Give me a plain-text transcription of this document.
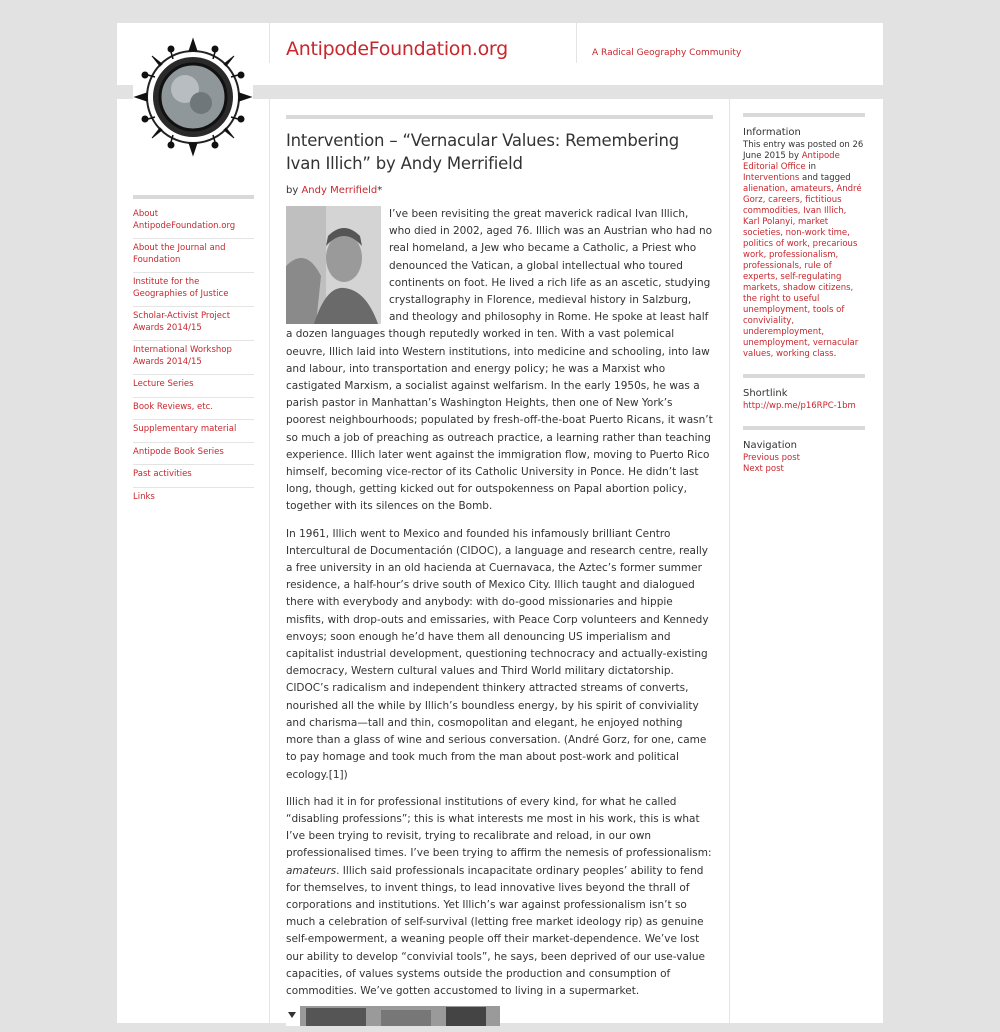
AntipodeFoundation.org	A Radical Geography Community
About AntipodeFoundation.org
About the Journal and Foundation
Institute for the Geographies of Justice
Scholar-Activist Project Awards 2014/15
International Workshop Awards 2014/15
Lecture Series
Book Reviews, etc.
Supplementary material
Antipode Book Series
Past activities
Links
Intervention – “Vernacular Values: Remembering Ivan Illich” by Andy Merrifield
by Andy Merrifield*

I’ve been revisiting the great maverick radical Ivan Illich, who died in 2002, aged 76. Illich was an Austrian who had no real homeland, a Jew who became a Catholic, a Priest who denounced the Vatican, a global intellectual who toured continents on foot. He lived a rich life as an ascetic, studying crystallography in Florence, medieval history in Salzburg, and theology and philosophy in Rome. He spoke at least half a dozen languages though reputedly worked in ten. With a vast polemical oeuvre, Illich laid into Western institutions, into medicine and schooling, into law and labour, into transportation and energy policy; he was a Marxist who castigated Marxism, a socialist against welfarism. In the early 1950s, he was a parish pastor in Manhattan’s Washington Heights, then one of New York’s poorest neighbourhoods; populated by fresh-off-the-boat Puerto Ricans, it wasn’t so much a job of preaching as outreach practice, a learning rather than teaching experience. Illich later went against the immigration flow, moving to Puerto Rico himself, becoming vice-rector of its Catholic University in Ponce. He didn’t last long, though, getting kicked out for outspokenness on Papal abortion policy, together with its silences on the Bomb.

In 1961, Illich went to Mexico and founded his infamously brilliant Centro Intercultural de Documentación (CIDOC), a language and research centre, really a free university in an old hacienda at Cuernavaca, the Aztec’s former summer residence, a half-hour’s drive south of Mexico City. Illich taught and dialogued there with everybody and anybody: with do-good missionaries and hippie misfits, with drop-outs and emissaries, with Peace Corp volunteers and Kennedy envoys; soon enough he’d have them all denouncing US imperialism and capitalist industrial development, questioning technocracy and actually-existing democracy, Western cultural values and Third World military dictatorship. CIDOC’s radicalism and independent thinkery attracted streams of converts, nourished all the while by Illich’s boundless energy, by his spirit of conviviality and charisma—tall and thin, cosmopolitan and elegant, he enjoyed nothing more than a glass of wine and serious conversation. (André Gorz, for one, came to pay homage and took much from the man about post-work and political ecology.[1])

Illich had it in for professional institutions of every kind, for what he called “disabling professions”; this is what interests me most in his work, this is what I’ve been trying to revisit, trying to recalibrate and reload, in our own professionalised times. I’ve been trying to affirm the nemesis of professionalism: amateurs. Illich said professionals incapacitate ordinary peoples’ ability to fend for themselves, to invent things, to lead innovative lives beyond the thrall of corporations and institutions. Yet Illich’s war against professionalism isn’t so much a celebration of self-survival (letting free market ideology rip) as genuine self-empowerment, a weaning people off their market-dependence. We’ve lost our ability to develop “convivial tools”, he says, been deprived of our use-value capacities, of values systems outside the production and consumption of commodities. We’ve gotten accustomed to living in a supermarket.

Information
This entry was posted on 26 June 2015 by Antipode Editorial Office in Interventions and tagged alienation, amateurs, André Gorz, careers, fictitious commodities, Ivan Illich, Karl Polanyi, market societies, non-work time, politics of work, precarious work, professionalism, professionals, rule of experts, self-regulating markets, shadow citizens, the right to useful unemployment, tools of conviviality, underemployment, unemployment, vernacular values, working class.
Shortlink
http://wp.me/p16RPC-1bm
Navigation
Previous post
Next post
